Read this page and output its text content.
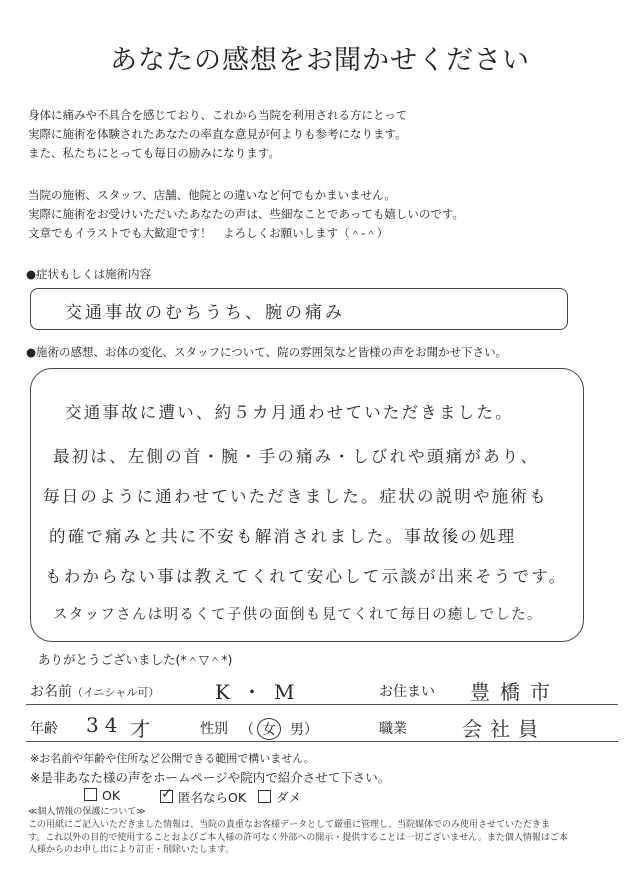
あなたの感想をお聞かせください
身体に痛みや不具合を感じており、これから当院を利用される方にとって
実際に施術を体験されたあなたの率直な意見が何よりも参考になります。
また、私たちにとっても毎日の励みになります。
当院の施術、スタッフ、店舗、他院との違いなど何でもかまいません。
実際に施術をお受けいただいたあなたの声は、些細なことであっても嬉しいのです。
文章でもイラストでも大歓迎です！　よろしくお願いします（＾-＾）
●症状もしくは施術内容
交通事故のむちうち、腕の痛み
●施術の感想、お体の変化、スタッフについて、院の雰囲気など皆様の声をお聞かせ下さい。
交通事故に遭い、約５カ月通わせていただきました。
最初は、左側の首・腕・手の痛み・しびれや頭痛があり、
毎日のように通わせていただきました。症状の説明や施術も
的確で痛みと共に不安も解消されました。事故後の処理
もわからない事は教えてくれて安心して示談が出来そうです。
スタッフさんは明るくて子供の面倒も見てくれて毎日の癒しでした。
ありがとうございました(*＾▽＾*)
お名前（イニシャル可）	K・M	お住まい 豊橋市
年齢 34 才	性別 （ 女 男）	職業	会社員
※お名前や年齢や住所など公開できる範囲で構いません。
※是非あなた様の声をホームページや院内で紹介させて下さい。
OK
✓	匿名ならOK	ダメ
≪個人情報の保護について≫
この用紙にご記入いただきました情報は、当院の貴重なお客様データとして厳重に管理し、当院媒体でのみ使用させていただきま
す。これ以外の目的で使用することおよびご本人様の許可なく外部への開示・提供することは一切ございません。また個人情報はご本
人様からのお申し出により訂正・削除いたします。
